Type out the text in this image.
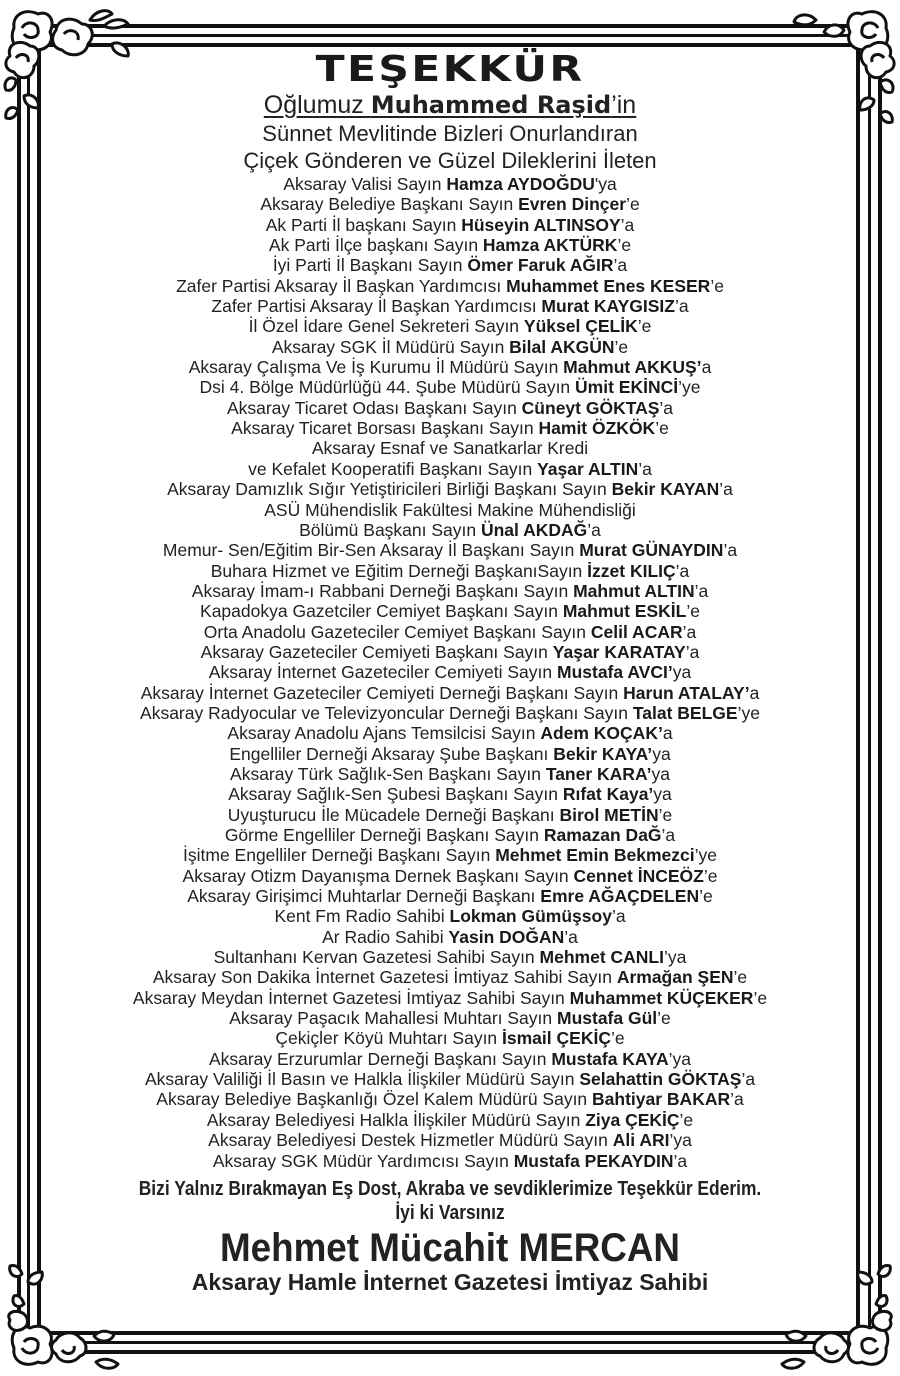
TEŞEKKÜR
Oğlumuz Muhammed Raşid’in
Sünnet Mevlitinde Bizleri Onurlandıran
Çiçek Gönderen ve Güzel Dileklerini İleten
Aksaray Valisi Sayın Hamza AYDOĞDU'ya
Aksaray Belediye Başkanı Sayın Evren Dinçer’e
Ak Parti İl başkanı Sayın Hüseyin ALTINSOY’a
Ak Parti İlçe başkanı Sayın Hamza AKTÜRK’e
İyi Parti İl Başkanı Sayın Ömer Faruk AĞIR’a
Zafer Partisi Aksaray İl Başkan Yardımcısı Muhammet Enes KESER’e
Zafer Partisi Aksaray İl Başkan Yardımcısı Murat KAYGISIZ’a
İl Özel İdare Genel Sekreteri Sayın Yüksel ÇELİK’e
Aksaray SGK İl Müdürü Sayın Bilal AKGÜN’e
Aksaray Çalışma Ve İş Kurumu İl Müdürü Sayın Mahmut AKKUŞ’a
Dsi 4. Bölge Müdürlüğü 44. Şube Müdürü Sayın Ümit EKİNCİ’ye
Aksaray Ticaret Odası Başkanı Sayın Cüneyt GÖKTAŞ’a
Aksaray Ticaret Borsası Başkanı Sayın Hamit ÖZKÖK’e
Aksaray Esnaf ve Sanatkarlar Kredi
ve Kefalet Kooperatifi Başkanı Sayın Yaşar ALTIN’a
Aksaray Damızlık Sığır Yetiştiricileri Birliği Başkanı Sayın Bekir KAYAN’a
ASÜ Mühendislik Fakültesi Makine Mühendisliği
Bölümü Başkanı Sayın Ünal AKDAĞ’a
Memur- Sen/Eğitim Bir-Sen Aksaray İl Başkanı Sayın Murat GÜNAYDIN’a
Buhara Hizmet ve Eğitim Derneği BaşkanıSayın İzzet KILIÇ’a
Aksaray İmam-ı Rabbani Derneği Başkanı Sayın Mahmut ALTIN’a
Kapadokya Gazetciler Cemiyet Başkanı Sayın Mahmut ESKİL’e
Orta Anadolu Gazeteciler Cemiyet Başkanı Sayın Celil ACAR’a
Aksaray Gazeteciler Cemiyeti Başkanı Sayın Yaşar KARATAY’a
Aksaray İnternet Gazeteciler Cemiyeti Sayın Mustafa AVCI’ya
Aksaray İnternet Gazeteciler Cemiyeti Derneği Başkanı Sayın Harun ATALAY’a
Aksaray Radyocular ve Televizyoncular Derneği Başkanı Sayın Talat BELGE’ye
Aksaray Anadolu Ajans Temsilcisi Sayın Adem KOÇAK’a
Engelliler Derneği Aksaray Şube Başkanı Bekir KAYA’ya
Aksaray Türk Sağlık-Sen Başkanı Sayın Taner KARA’ya
Aksaray Sağlık-Sen Şubesi Başkanı Sayın Rıfat Kaya’ya
Uyuşturucu İle Mücadele Derneği Başkanı Birol METİN’e
Görme Engelliler Derneği Başkanı Sayın Ramazan DaĞ’a
İşitme Engelliler Derneği Başkanı Sayın Mehmet Emin Bekmezci’ye
Aksaray Otizm Dayanışma Dernek Başkanı Sayın Cennet İNCEÖZ’e
Aksaray Girişimci Muhtarlar Derneği Başkanı Emre AĞAÇDELEN’e
Kent Fm Radio Sahibi Lokman Gümüşsoy’a
Ar Radio Sahibi Yasin DOĞAN’a
Sultanhanı Kervan Gazetesi Sahibi Sayın Mehmet CANLI’ya
Aksaray Son Dakika İnternet Gazetesi İmtiyaz Sahibi Sayın Armağan ŞEN’e
Aksaray Meydan İnternet Gazetesi İmtiyaz Sahibi Sayın Muhammet KÜÇEKER’e
Aksaray Paşacık Mahallesi Muhtarı Sayın Mustafa Gül’e
Çekiçler Köyü Muhtarı Sayın İsmail ÇEKİÇ’e
Aksaray Erzurumlar Derneği Başkanı Sayın Mustafa KAYA’ya
Aksaray Valiliği İl Basın ve Halkla İlişkiler Müdürü Sayın Selahattin GÖKTAŞ’a
Aksaray Belediye Başkanlığı Özel Kalem Müdürü Sayın Bahtiyar BAKAR’a
Aksaray Belediyesi Halkla İlişkiler Müdürü Sayın Ziya ÇEKİÇ’e
Aksaray Belediyesi Destek Hizmetler Müdürü Sayın Ali ARI’ya
Aksaray SGK Müdür Yardımcısı Sayın Mustafa PEKAYDIN’a
Bizi Yalnız Bırakmayan Eş Dost, Akraba ve sevdiklerimize Teşekkür Ederim.
İyi ki Varsınız
Mehmet Mücahit MERCAN
Aksaray Hamle İnternet Gazetesi İmtiyaz Sahibi
